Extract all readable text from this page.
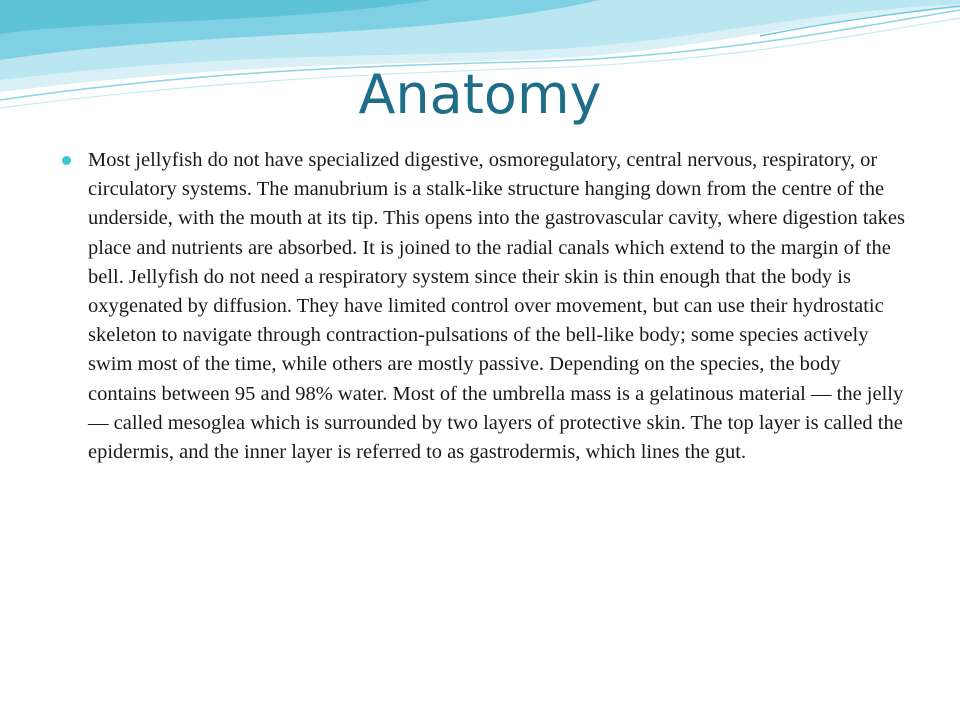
Anatomy
Most jellyfish do not have specialized digestive, osmoregulatory, central nervous, respiratory, or circulatory systems. The manubrium is a stalk-like structure hanging down from the centre of the underside, with the mouth at its tip. This opens into the gastrovascular cavity, where digestion takes place and nutrients are absorbed. It is joined to the radial canals which extend to the margin of the bell. Jellyfish do not need a respiratory system since their skin is thin enough that the body is oxygenated by diffusion. They have limited control over movement, but can use their hydrostatic skeleton to navigate through contraction-pulsations of the bell-like body; some species actively swim most of the time, while others are mostly passive. Depending on the species, the body contains between 95 and 98% water. Most of the umbrella mass is a gelatinous material — the jelly — called mesoglea which is surrounded by two layers of protective skin. The top layer is called the epidermis, and the inner layer is referred to as gastrodermis, which lines the gut.
